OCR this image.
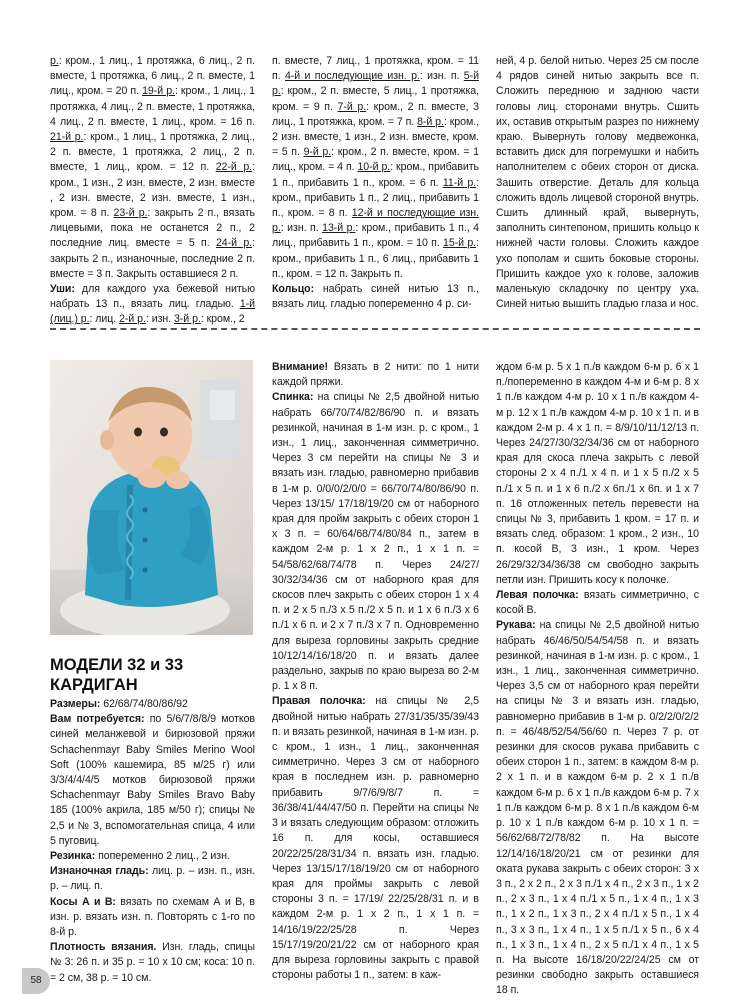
р.: кром., 1 лиц., 1 протяжка, 6 лиц., 2 п. вместе, 1 протяжка, 6 лиц., 2 п. вместе, 1 лиц., кром. = 20 п. 19-й р.: кром., 1 лиц., 1 протяжка, 4 лиц., 2 п. вместе, 1 протяжка, 4 лиц., 2 п. вместе, 1 лиц., кром. = 16 п. 21-й р.: кром., 1 лиц., 1 протяжка, 2 лиц., 2 п. вместе, 1 протяжка, 2 лиц., 2 п. вместе, 1 лиц., кром. = 12 п. 22-й р.: кром., 1 изн., 2 изн. вместе, 2 изн. вместе , 2 изн. вместе, 2 изн. вместе, 1 изн., кром. = 8 п. 23-й р.: закрыть 2 п., вязать лицевыми, пока не останется 2 п., 2 последние лиц. вместе = 5 п. 24-й р.: закрыть 2 п., изнаночные, последние 2 п. вместе = 3 п. Закрыть оставшиеся 2 п.

Уши: для каждого уха бежевой нитью набрать 13 п., вязать лиц. гладью. 1-й (лиц.) р.: лиц. 2-й р.: изн. 3-й р.: кром., 2

п. вместе, 7 лиц., 1 протяжка, кром. = 11 п. 4-й и последующие изн. р.: изн. п. 5-й р.: кром., 2 п. вместе, 5 лиц., 1 протяжка, кром. = 9 п. 7-й р.: кром., 2 п. вместе, 3 лиц., 1 протяжка, кром. = 7 п. 8-й р.: кром., 2 изн. вместе, 1 изн., 2 изн. вместе, кром. = 5 п. 9-й р.: кром., 2 п. вместе, кром. = 1 лиц., кром. = 4 п. 10-й р.: кром., прибавить 1 п., прибавить 1 п., кром. = 6 п. 11-й р.: кром., прибавить 1 п., 2 лиц., прибавить 1 п., кром. = 8 п. 12-й и последующие изн. р.: изн. п. 13-й р.: кром., прибавить 1 п., 4 лиц., прибавить 1 п., кром. = 10 п. 15-й р.: кром., прибавить 1 п., 6 лиц., прибавить 1 п., кром. = 12 п. Закрыть п.

Кольцо: набрать синей нитью 13 п., вязать лиц. гладью попеременно 4 р. си-

ней, 4 р. белой нитью. Через 25 см после 4 рядов синей нитью закрыть все п. Сложить переднюю и заднюю части головы лиц. сторонами внутрь. Сшить их, оставив открытым разрез по нижнему краю. Вывернуть голову медвежонка, вставить диск для погремушки и набить наполнителем с обеих сторон от диска. Зашить отверстие. Деталь для кольца сложить вдоль лицевой стороной внутрь. Сшить длинный край, вывернуть, заполнить синтепоном, пришить кольцо к нижней части головы. Сложить каждое ухо пополам и сшить боковые стороны. Пришить каждое ухо к голове, заложив маленькую складочку по центру уха. Синей нитью вышить гладью глаза и нос.

МОДЕЛИ 32 и 33
КАРДИГАН

Размеры: 62/68/74/80/86/92

Вам потребуется: по 5/6/7/8/8/9 мотков синей меланжевой и бирюзовой пряжи Schachenmayr Baby Smiles Merino Wool Soft (100% кашемира, 85 м/25 г) или 3/3/4/4/4/5 мотков бирюзовой пряжи Schachenmayr Baby Smiles Bravo Baby 185 (100% акрила, 185 м/50 г); спицы № 2,5 и № 3, вспомогательная спица, 4 или 5 пуговиц.

Резинка: попеременно 2 лиц., 2 изн.

Изнаночная гладь: лиц. р. – изн. п., изн. р. – лиц. п.

Косы А и В: вязать по схемам А и В, в изн. р. вязать изн. п. Повторять с 1-го по 8-й р.

Плотность вязания. Изн. гладь, спицы № 3: 26 п. и 35 р. = 10 х 10 см; коса: 10 п. = 2 см, 38 р. = 10 см.

Внимание! Вязать в 2 нити: по 1 нити каждой пряжи.

Спинка: на спицы № 2,5 двойной нитью набрать 66/70/74/82/86/90 п. и вязать резинкой, начиная в 1-м изн. р. с кром., 1 изн., 1 лиц., законченная симметрично. Через 3 см перейти на спицы № 3 и вязать изн. гладью, равномерно прибавив в 1-м р. 0/0/0/2/0/0 = 66/70/74/80/86/90 п. Через 13/15/ 17/18/19/20 см от наборного края для пройм закрыть с обеих сторон 1 х 3 п. = 60/64/68/74/80/84 п., затем в каждом 2-м р. 1 х 2 п., 1 х 1 п. = 54/58/62/68/74/78 п. Через 24/27/ 30/32/34/36 см от наборного края для скосов плеч закрыть с обеих сторон 1 х 4 п. и 2 х 5 п./3 х 5 п./2 х 5 п. и 1 х 6 п./3 х 6 п./1 х 6 п. и 2 х 7 п./3 х 7 п. Одновременно для выреза горловины закрыть средние 10/12/14/16/18/20 п. и вязать далее раздельно, закрыв по краю выреза во 2-м р. 1 х 8 п.

Правая полочка: на спицы № 2,5 двойной нитью набрать 27/31/35/35/39/43 п. и вязать резинкой, начиная в 1-м изн. р. с кром., 1 изн., 1 лиц., законченная симметрично. Через 3 см от наборного края в последнем изн. р. равномерно прибавить 9/7/6/9/8/7 п. = 36/38/41/44/47/50 п. Перейти на спицы № 3 и вязать следующим образом: отложить 16 п. для косы, оставшиеся 20/22/25/28/31/34 п. вязать изн. гладью. Через 13/15/17/18/19/20 см от наборного края для проймы закрыть с левой стороны 3 п. = 17/19/ 22/25/28/31 п. и в каждом 2-м р. 1 х 2 п., 1 х 1 п. = 14/16/19/22/25/28 п. Через 15/17/19/20/21/22 см от наборного края для выреза горловины закрыть с правой стороны работы 1 п., затем: в каж-

ждом 6-м р. 5 х 1 п./в каждом 6-м р. 6 х 1 п./попеременно в каждом 4-м и 6-м р. 8 х 1 п./в каждом 4-м р. 10 х 1 п./в каждом 4-м р. 12 х 1 п./в каждом 4-м р. 10 х 1 п. и в каждом 2-м р. 4 х 1 п. = 8/9/10/11/12/13 п. Через 24/27/30/32/34/36 см от наборного края для скоса плеча закрыть с левой стороны 2 х 4 п./1 х 4 п. и 1 х 5 п./2 х 5 п./1 х 5 п. и 1 х 6 п./2 х 6п./1 х 6п. и 1 х 7 п. 16 отложенных петель перевести на спицы № 3, прибавить 1 кром. = 17 п. и вязать след. образом: 1 кром., 2 изн., 10 п. косой В, 3 изн., 1 кром. Через 26/29/32/34/36/38 см свободно закрыть петли изн. Пришить косу к полочке.

Левая полочка: вязать симметрично, с косой В.

Рукава: на спицы № 2,5 двойной нитью набрать 46/46/50/54/54/58 п. и вязать резинкой, начиная в 1-м изн. р. с кром., 1 изн., 1 лиц., законченная симметрично. Через 3,5 см от наборного края перейти на спицы № 3 и вязать изн. гладью, равномерно прибавив в 1-м р. 0/2/2/0/2/2 п. = 46/48/52/54/56/60 п. Через 7 р. от резинки для скосов рукава прибавить с обеих сторон 1 п., затем: в каждом 8-м р. 2 х 1 п. и в каждом 6-м р. 2 х 1 п./в каждом 6-м р. 6 х 1 п./в каждом 6-м р. 7 х 1 п./в каждом 6-м р. 8 х 1 п./в каждом 6-м р. 10 х 1 п./в каждом 6-м р. 10 х 1 п. = 56/62/68/72/78/82 п. На высоте 12/14/16/18/20/21 см от резинки для оката рукава закрыть с обеих сторон: 3 х 3 п., 2 х 2 п., 2 х 3 п./1 х 4 п., 2 х 3 п., 1 х 2 п., 2 х 3 п., 1 х 4 п./1 х 5 п., 1 х 4 п., 1 х 3 п., 1 х 2 п., 1 х 3 п., 2 х 4 п./1 х 5 п., 1 х 4 п., 3 х 3 п., 1 х 4 п., 1 х 5 п./1 х 5 п., 6 х 4 п., 1 х 3 п., 1 х 4 п., 2 х 5 п./1 х 4 п., 1 х 5 п. На высоте 16/18/20/22/24/25 см от резинки свободно закрыть оставшиеся 18 п.

58
